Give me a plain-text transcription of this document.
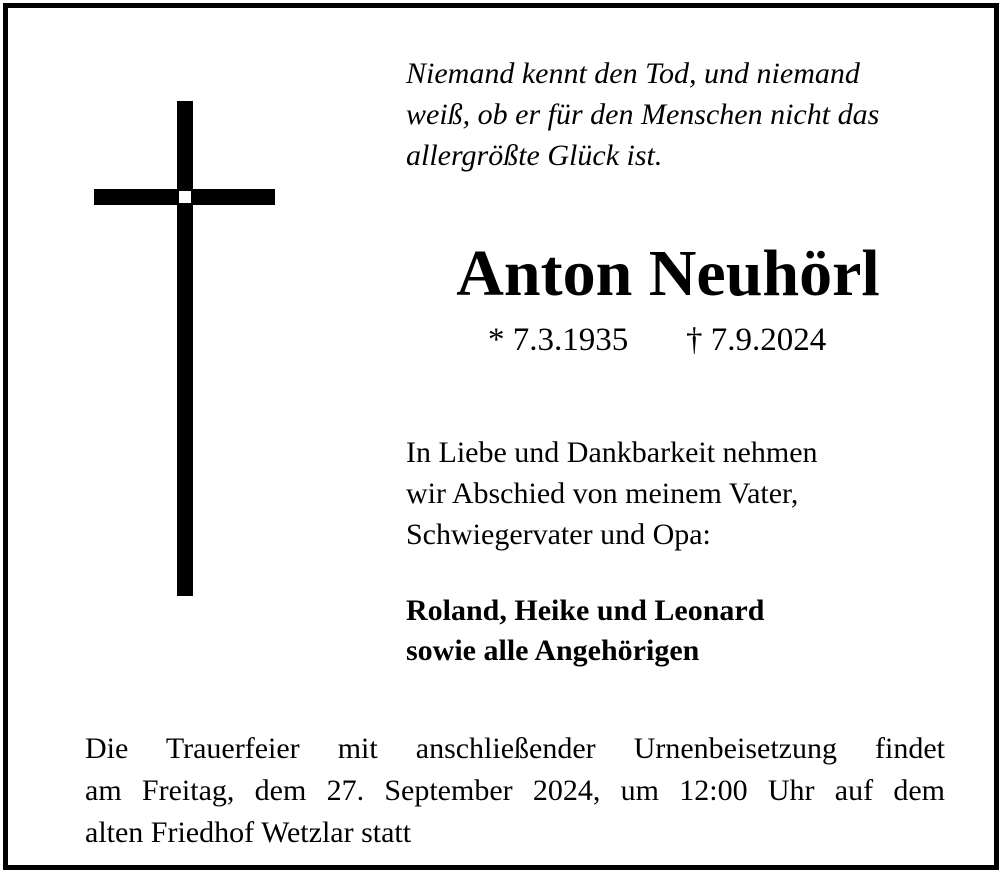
Niemand kennt den Tod, und niemand
weiß, ob er für den Menschen nicht das
allergrößte Glück ist.

Anton Neuhörl
* 7.3.1935 † 7.9.2024

In Liebe und Dankbarkeit nehmen
wir Abschied von meinem Vater,
Schwiegervater und Opa:

Roland, Heike und Leonard
sowie alle Angehörigen

Die Trauerfeier mit anschließender Urnenbeisetzung findet
am Freitag, dem 27. September 2024, um 12:00 Uhr auf dem
alten Friedhof Wetzlar statt
